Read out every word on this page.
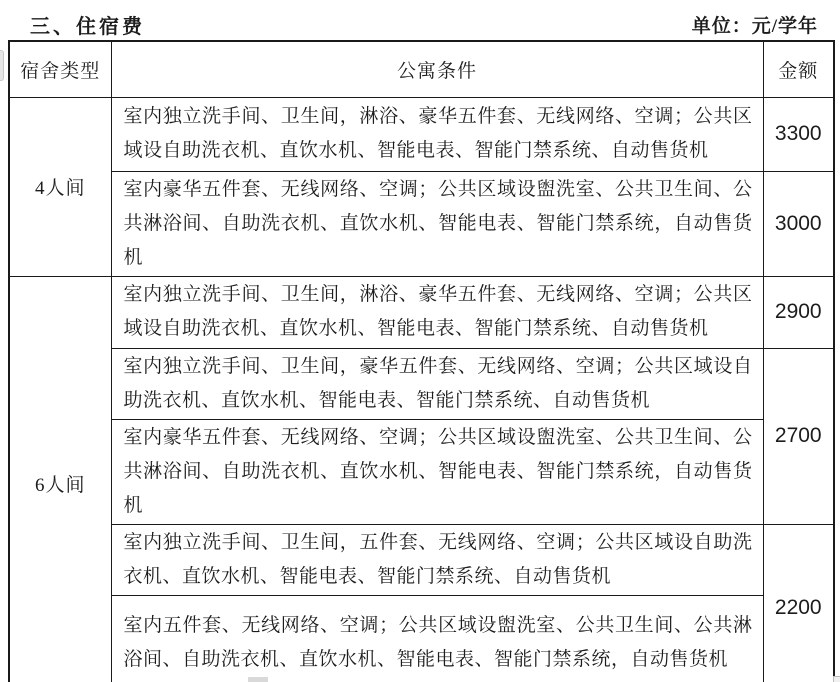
三、住宿费	单位：元/学年
宿舍类型	公寓条件	金额
4人间	室内独立洗手间、卫生间，淋浴、豪华五件套、无线网络、空调；公共区域设自助洗衣机、直饮水机、智能电表、智能门禁系统、自动售货机	3300
	室内豪华五件套、无线网络、空调；公共区域设盥洗室、公共卫生间、公共淋浴间、自助洗衣机、直饮水机、智能电表、智能门禁系统，自动售货机	3000
6人间	室内独立洗手间、卫生间，淋浴、豪华五件套、无线网络、空调；公共区域设自助洗衣机、直饮水机、智能电表、智能门禁系统、自动售货机	2900
	室内独立洗手间、卫生间，豪华五件套、无线网络、空调；公共区域设自助洗衣机、直饮水机、智能电表、智能门禁系统、自动售货机	2700
	室内豪华五件套、无线网络、空调；公共区域设盥洗室、公共卫生间、公共淋浴间、自助洗衣机、直饮水机、智能电表、智能门禁系统，自动售货机	
	室内独立洗手间、卫生间，五件套、无线网络、空调；公共区域设自助洗衣机、直饮水机、智能电表、智能门禁系统、自动售货机	2200
	室内五件套、无线网络、空调；公共区域设盥洗室、公共卫生间、公共淋浴间、自助洗衣机、直饮水机、智能电表、智能门禁系统，自动售货机	
